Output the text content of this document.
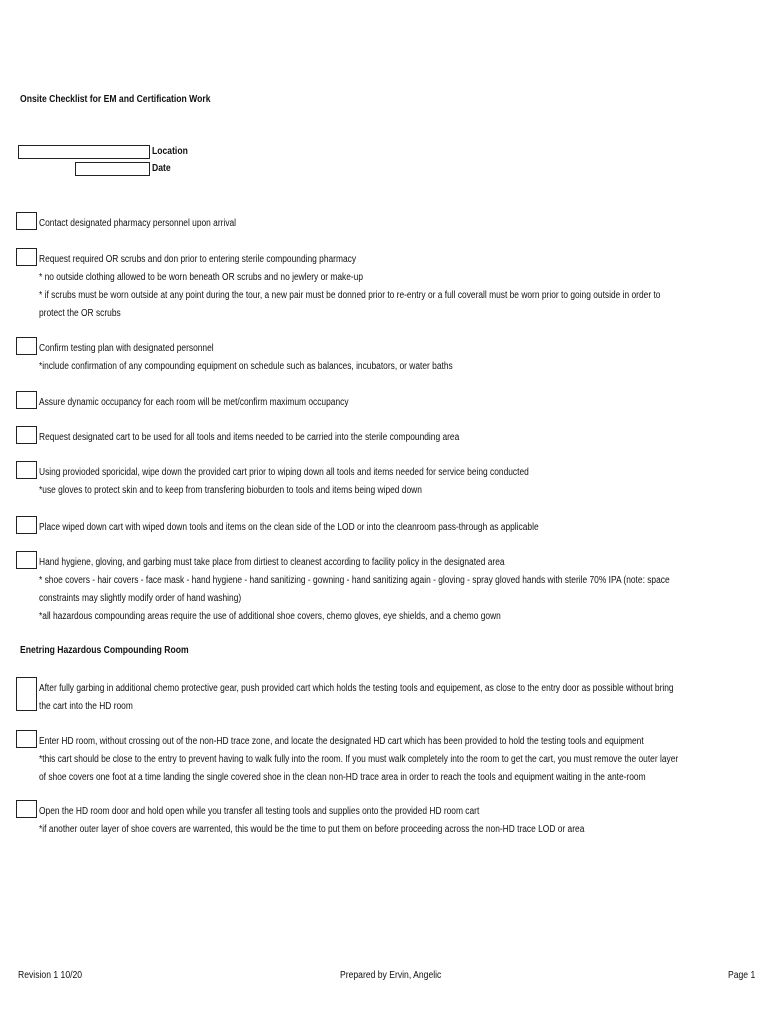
Onsite Checklist for EM and Certification Work
Location
Date
Contact designated pharmacy personnel upon arrival
Request required OR scrubs and don prior to entering sterile compounding pharmacy
* no outside clothing allowed to be worn beneath OR scrubs and no jewlery or make-up
* if scrubs must be worn outside at any point during the tour, a new pair must be donned prior to re-entry or a full coverall must be worn prior to going outside in order to
protect the OR scrubs
Confirm testing plan with designated personnel
*include confirmation of any compounding equipment on schedule such as balances, incubators, or water baths
Assure dynamic occupancy for each room will be met/confirm maximum occupancy
Request designated cart to be used for all tools and items needed to be carried into the sterile compounding area
Using provioded sporicidal, wipe down the provided cart prior to wiping down all tools and items needed for service being conducted
*use gloves to protect skin and to keep from transfering bioburden to tools and items being wiped down
Place wiped down cart with wiped down tools and items on the clean side of the LOD or into the cleanroom pass-through as applicable
Hand hygiene, gloving, and garbing must take place from dirtiest to cleanest according to facility policy in the designated area
* shoe covers - hair covers - face mask - hand hygiene - hand sanitizing - gowning - hand sanitizing again - gloving - spray gloved hands with sterile 70% IPA (note: space
constraints may slightly modify order of hand washing)
*all hazardous compounding areas require the use of additional shoe covers, chemo gloves, eye shields, and a chemo gown
Enetring Hazardous Compounding Room
After fully garbing in additional chemo protective gear, push provided cart which holds the testing tools and equipement, as close to the entry door as possible without bring
the cart into the HD room
Enter HD room, without crossing out of the non-HD trace zone, and locate the designated HD cart which has been provided to hold the testing tools and equipment
*this cart should be close to the entry to prevent having to walk fully into the room. If you must walk completely into the room to get the cart, you must remove the outer layer
of shoe covers one foot at a time landing the single covered shoe in the clean non-HD trace area in order to reach the tools and equipment waiting in the ante-room
Open the HD room door and hold open while you transfer all testing tools and supplies onto the provided HD room cart
*if another outer layer of shoe covers are warrented, this would be the time to put them on before proceeding across the non-HD trace LOD or area
Revision 1 10/20	Prepared by Ervin, Angelic	Page 1
